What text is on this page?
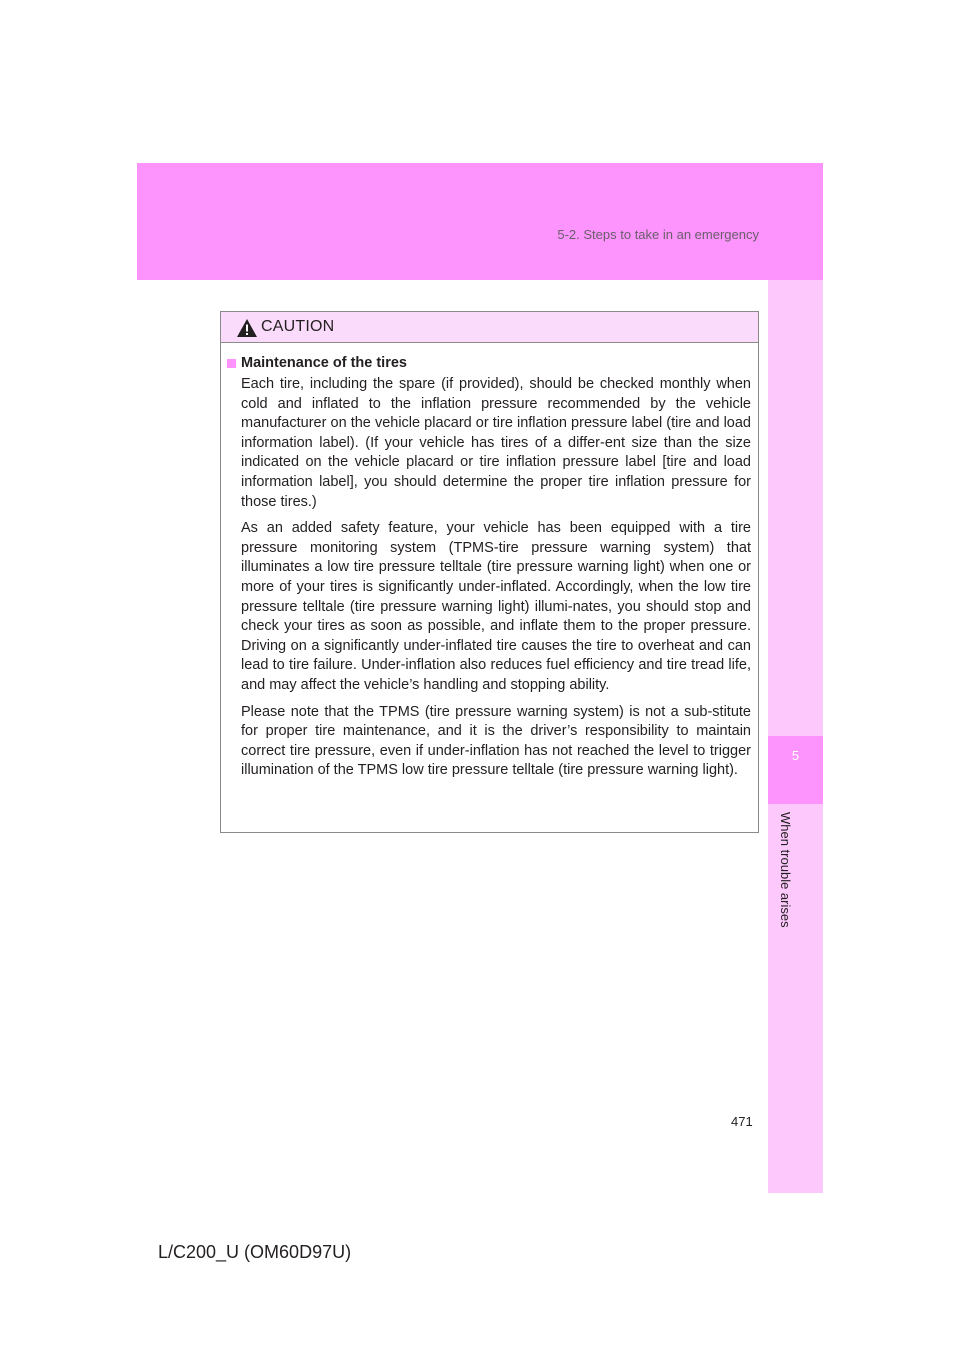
5-2. Steps to take in an emergency
5
When trouble arises
CAUTION
Maintenance of the tires

Each tire, including the spare (if provided), should be checked monthly when cold and inflated to the inflation pressure recommended by the vehicle manufacturer on the vehicle placard or tire inflation pressure label (tire and load information label). (If your vehicle has tires of a differ-ent size than the size indicated on the vehicle placard or tire inflation pressure label [tire and load information label], you should determine the proper tire inflation pressure for those tires.)

As an added safety feature, your vehicle has been equipped with a tire pressure monitoring system (TPMS-tire pressure warning system) that illuminates a low tire pressure telltale (tire pressure warning light) when one or more of your tires is significantly under-inflated. Accordingly, when the low tire pressure telltale (tire pressure warning light) illumi-nates, you should stop and check your tires as soon as possible, and inflate them to the proper pressure. Driving on a significantly under-inflated tire causes the tire to overheat and can lead to tire failure. Under-inflation also reduces fuel efficiency and tire tread life, and may affect the vehicle’s handling and stopping ability.

Please note that the TPMS (tire pressure warning system) is not a sub-stitute for proper tire maintenance, and it is the driver’s responsibility to maintain correct tire pressure, even if under-inflation has not reached the level to trigger illumination of the TPMS low tire pressure telltale (tire pressure warning light).

471
L/C200_U (OM60D97U)
